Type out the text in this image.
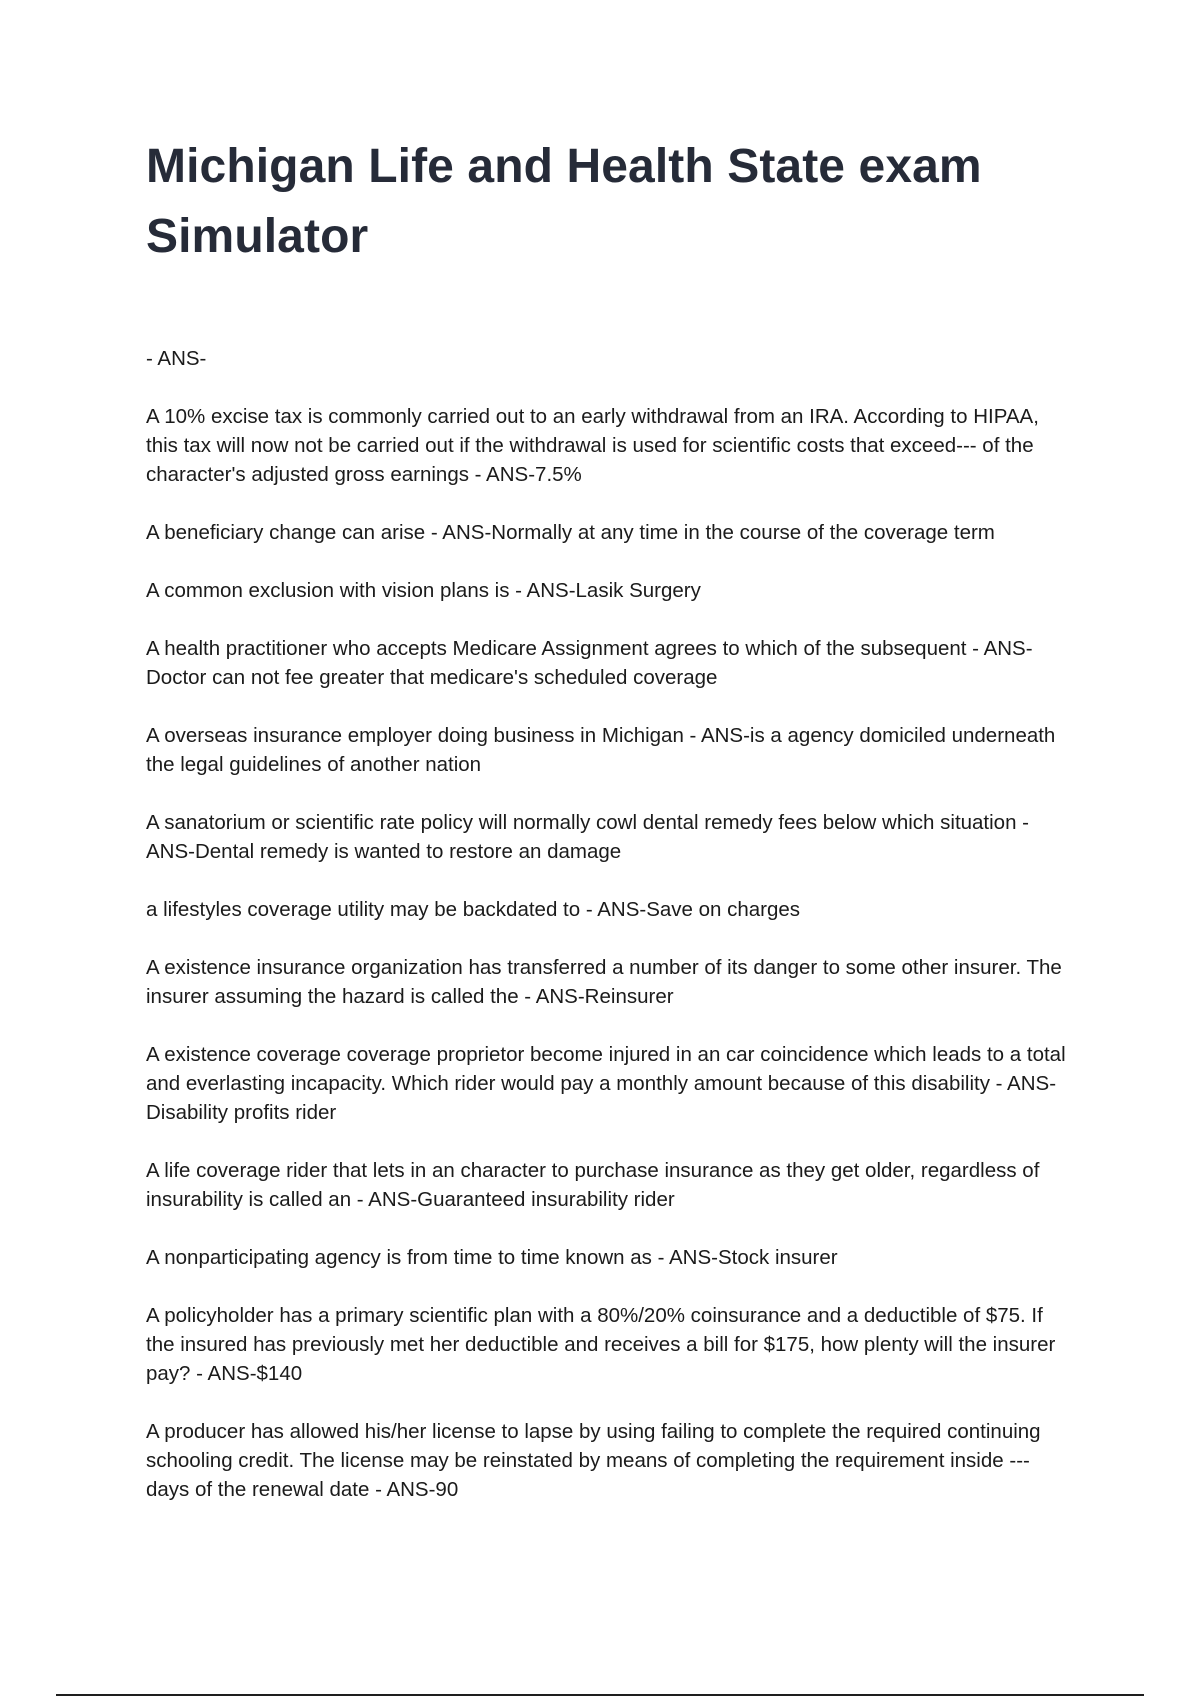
Michigan Life and Health State exam Simulator

- ANS-

A 10% excise tax is commonly carried out to an early withdrawal from an IRA. According to HIPAA, this tax will now not be carried out if the withdrawal is used for scientific costs that exceed--- of the character's adjusted gross earnings - ANS-7.5%

A beneficiary change can arise - ANS-Normally at any time in the course of the coverage term

A common exclusion with vision plans is - ANS-Lasik Surgery

A health practitioner who accepts Medicare Assignment agrees to which of the subsequent - ANS-Doctor can not fee greater that medicare's scheduled coverage

A overseas insurance employer doing business in Michigan - ANS-is a agency domiciled underneath the legal guidelines of another nation

A sanatorium or scientific rate policy will normally cowl dental remedy fees below which situation - ANS-Dental remedy is wanted to restore an damage

a lifestyles coverage utility may be backdated to - ANS-Save on charges

A existence insurance organization has transferred a number of its danger to some other insurer. The insurer assuming the hazard is called the - ANS-Reinsurer

A existence coverage coverage proprietor become injured in an car coincidence which leads to a total and everlasting incapacity. Which rider would pay a monthly amount because of this disability - ANS-Disability profits rider

A life coverage rider that lets in an character to purchase insurance as they get older, regardless of insurability is called an - ANS-Guaranteed insurability rider

A nonparticipating agency is from time to time known as - ANS-Stock insurer

A policyholder has a primary scientific plan with a 80%/20% coinsurance and a deductible of $75. If the insured has previously met her deductible and receives a bill for $175, how plenty will the insurer pay? - ANS-$140

A producer has allowed his/her license to lapse by using failing to complete the required continuing schooling credit. The license may be reinstated by means of completing the requirement inside --- days of the renewal date - ANS-90
